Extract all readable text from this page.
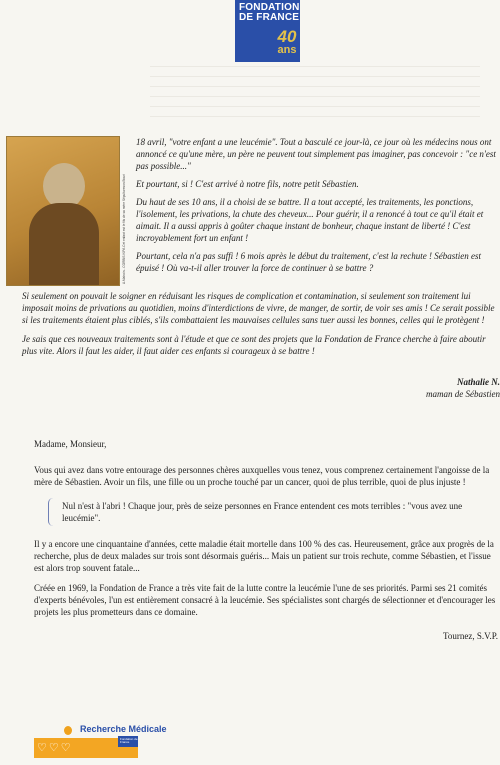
FONDATION
DE FRANCE
40
ans
A.Mahoin - CORBIS KIPA Cet enfant est le fils de sa mère Sépultureson Bouri

18 avril, "votre enfant a une leucémie". Tout a basculé ce jour-là, ce jour où les médecins nous ont annoncé ce qu'une mère, un père ne peuvent tout simplement pas imaginer, pas concevoir : "ce n'est pas possible..."

Et pourtant, si ! C'est arrivé à notre fils, notre petit Sébastien.

Du haut de ses 10 ans, il a choisi de se battre. Il a tout accepté, les traitements, les ponctions, l'isolement, les privations, la chute des cheveux... Pour guérir, il a renoncé à tout ce qu'il était et aimait. Il a aussi appris à goûter chaque instant de bonheur, chaque instant de liberté ! C'est incroyablement fort un enfant !

Pourtant, cela n'a pas suffi ! 6 mois après le début du traitement, c'est la rechute ! Sébastien est épuisé ! Où va-t-il aller trouver la force de continuer à se battre ?

Si seulement on pouvait le soigner en réduisant les risques de complication et contamination, si seulement son traitement lui imposait moins de privations au quotidien, moins d'interdictions de vivre, de manger, de sortir, de voir ses amis ! Ce serait possible si les traitements étaient plus ciblés, s'ils combattaient les mauvaises cellules sans tuer aussi les bonnes, celles qui le protègent !

Je sais que ces nouveaux traitements sont à l'étude et que ce sont des projets que la Fondation de France cherche à faire aboutir plus vite. Alors il faut les aider, il faut aider ces enfants si courageux à se battre !

Nathalie N.
maman de Sébastien

Madame, Monsieur,

Vous qui avez dans votre entourage des personnes chères auxquelles vous tenez, vous comprenez certainement l'angoisse de la mère de Sébastien. Avoir un fils, une fille ou un proche touché par un cancer, quoi de plus terrible, quoi de plus injuste !

Nul n'est à l'abri ! Chaque jour, près de seize personnes en France entendent ces mots terribles : "vous avez une leucémie".

Il y a encore une cinquantaine d'années, cette maladie était mortelle dans 100 % des cas. Heureusement, grâce aux progrès de la recherche, plus de deux malades sur trois sont désormais guéris... Mais un patient sur trois rechute, comme Sébastien, et l'issue est alors trop souvent fatale...

Créée en 1969, la Fondation de France a très vite fait de la lutte contre la leucémie l'une de ses priorités. Parmi ses 21 comités d'experts bénévoles, l'un est entièrement consacré à la leucémie. Ses spécialistes sont chargés de sélectionner et d'encourager les projets les plus prometteurs dans ce domaine.

Tournez, S.V.P.

♡♡♡
Recherche Médicale
Fondation de France
